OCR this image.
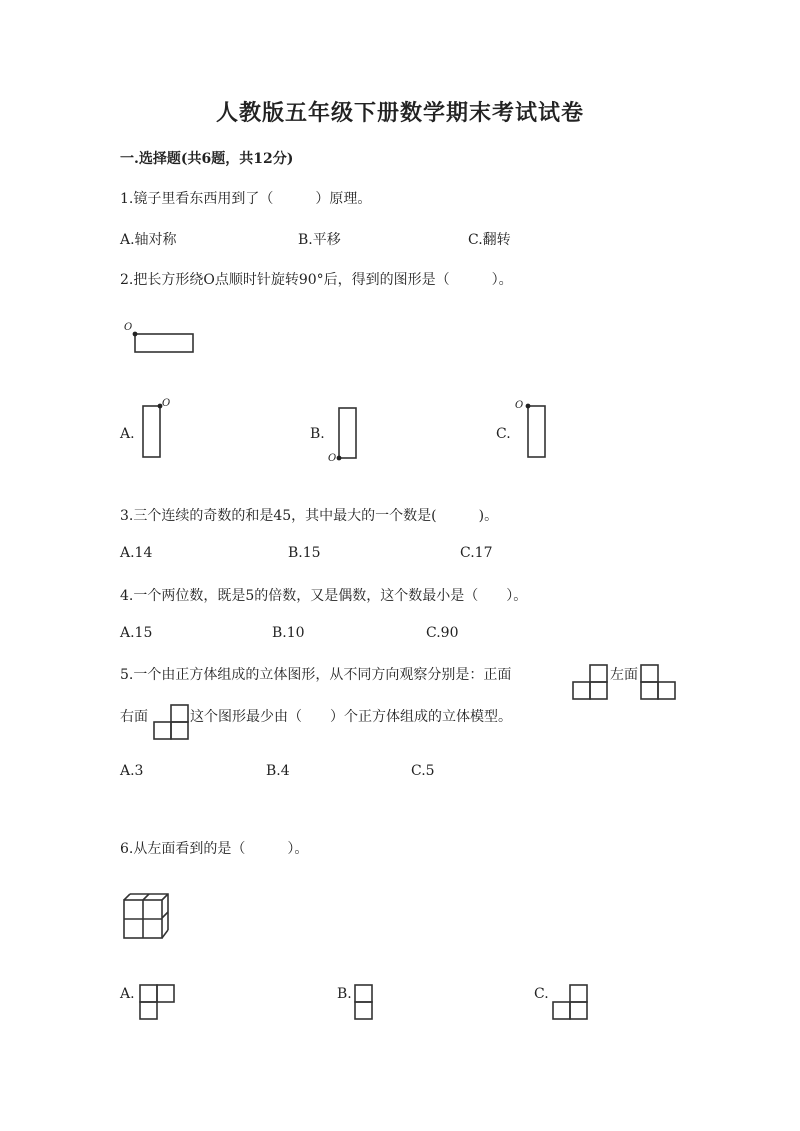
人教版五年级下册数学期末考试试卷
一.选择题(共6题，共12分)
1.镜子里看东西用到了（　　　）原理。
A.轴对称	B.平移	C.翻转
2.把长方形绕O点顺时针旋转90°后，得到的图形是（　　　）。
O
A.
O
B.
O
C.
O
3.三个连续的奇数的和是45，其中最大的一个数是(　　　)。
A.14	B.15	C.17
4.一个两位数，既是5的倍数，又是偶数，这个数最小是（　　）。
A.15	B.10	C.90
5.一个由正方体组成的立体图形，从不同方向观察分别是：正面	左面
右面	这个图形最少由（　　）个正方体组成的立体模型。
A.3	B.4	C.5
6.从左面看到的是（　　　）。
A.	B.	C.
